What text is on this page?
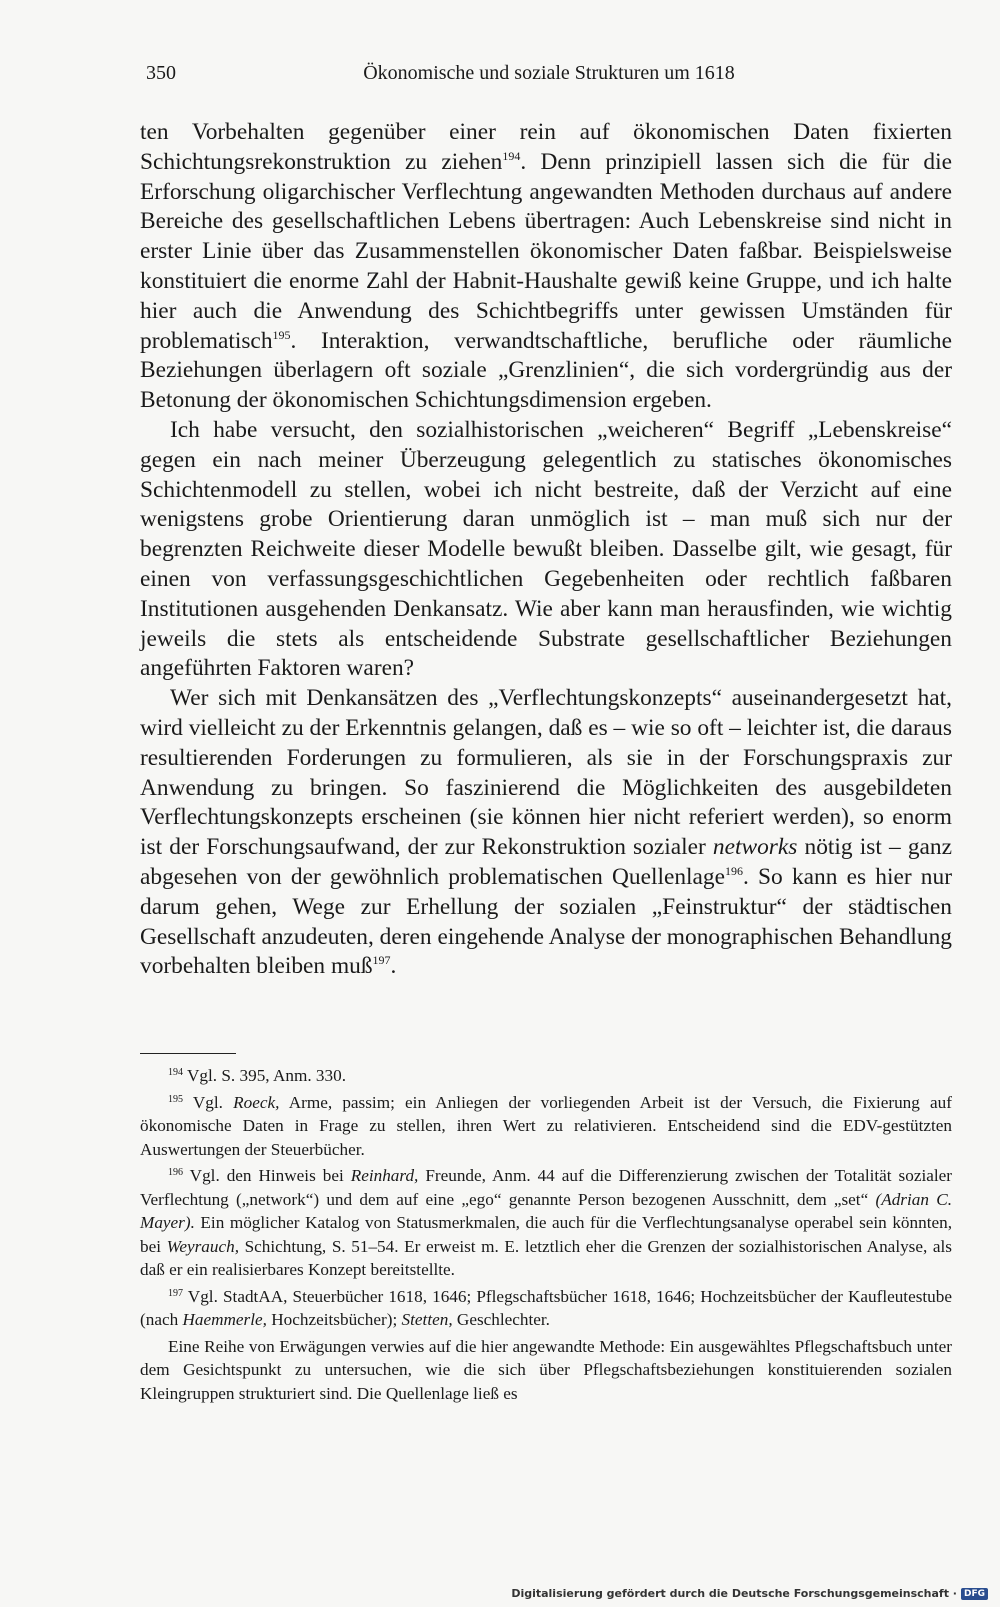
350	Ökonomische und soziale Strukturen um 1618

ten Vorbehalten gegenüber einer rein auf ökonomischen Daten fixierten Schichtungsrekonstruktion zu ziehen$^{194}$. Denn prinzipiell lassen sich die für die Erforschung oligarchischer Verflechtung angewandten Methoden durchaus auf andere Bereiche des gesellschaftlichen Lebens übertragen: Auch Lebenskreise sind nicht in erster Linie über das Zusammenstellen ökonomischer Daten faßbar. Beispielsweise konstituiert die enorme Zahl der Habnit-Haushalte gewiß keine Gruppe, und ich halte hier auch die Anwendung des Schichtbegriffs unter gewissen Umständen für problematisch$^{195}$. Interaktion, verwandtschaftliche, berufliche oder räumliche Beziehungen überlagern oft soziale „Grenzlinien“, die sich vordergründig aus der Betonung der ökonomischen Schichtungsdimension ergeben.

Ich habe versucht, den sozialhistorischen „weicheren“ Begriff „Lebenskreise“ gegen ein nach meiner Überzeugung gelegentlich zu statisches ökonomisches Schichtenmodell zu stellen, wobei ich nicht bestreite, daß der Verzicht auf eine wenigstens grobe Orientierung daran unmöglich ist – man muß sich nur der begrenzten Reichweite dieser Modelle bewußt bleiben. Dasselbe gilt, wie gesagt, für einen von verfassungsgeschichtlichen Gegebenheiten oder rechtlich faßbaren Institutionen ausgehenden Denkansatz. Wie aber kann man herausfinden, wie wichtig jeweils die stets als entscheidende Substrate gesellschaftlicher Beziehungen angeführten Faktoren waren?

Wer sich mit Denkansätzen des „Verflechtungskonzepts“ auseinandergesetzt hat, wird vielleicht zu der Erkenntnis gelangen, daß es – wie so oft – leichter ist, die daraus resultierenden Forderungen zu formulieren, als sie in der Forschungspraxis zur Anwendung zu bringen. So faszinierend die Möglichkeiten des ausgebildeten Verflechtungskonzepts erscheinen (sie können hier nicht referiert werden), so enorm ist der Forschungsaufwand, der zur Rekonstruktion sozialer networks nötig ist – ganz abgesehen von der gewöhnlich problematischen Quellenlage$^{196}$. So kann es hier nur darum gehen, Wege zur Erhellung der sozialen „Feinstruktur“ der städtischen Gesellschaft anzudeuten, deren eingehende Analyse der monographischen Behandlung vorbehalten bleiben muß$^{197}$.

$^{194}$ Vgl. S. 395, Anm. 330.

$^{195}$ Vgl. Roeck, Arme, passim; ein Anliegen der vorliegenden Arbeit ist der Versuch, die Fixierung auf ökonomische Daten in Frage zu stellen, ihren Wert zu relativieren. Entscheidend sind die EDV-gestützten Auswertungen der Steuerbücher.

$^{196}$ Vgl. den Hinweis bei Reinhard, Freunde, Anm. 44 auf die Differenzierung zwischen der Totalität sozialer Verflechtung („network“) und dem auf eine „ego“ genannte Person bezogenen Ausschnitt, dem „set“ (Adrian C. Mayer). Ein möglicher Katalog von Statusmerkmalen, die auch für die Verflechtungsanalyse operabel sein könnten, bei Weyrauch, Schichtung, S. 51–54. Er erweist m. E. letztlich eher die Grenzen der sozialhistorischen Analyse, als daß er ein realisierbares Konzept bereitstellte.

$^{197}$ Vgl. StadtAA, Steuerbücher 1618, 1646; Pflegschaftsbücher 1618, 1646; Hochzeitsbücher der Kaufleutestube (nach Haemmerle, Hochzeitsbücher); Stetten, Geschlechter.

Eine Reihe von Erwägungen verwies auf die hier angewandte Methode: Ein ausgewähltes Pflegschaftsbuch unter dem Gesichtspunkt zu untersuchen, wie die sich über Pflegschaftsbeziehungen konstituierenden sozialen Kleingruppen strukturiert sind. Die Quellenlage ließ es

Digitalisierung gefördert durch die Deutsche Forschungsgemeinschaft · DFG
